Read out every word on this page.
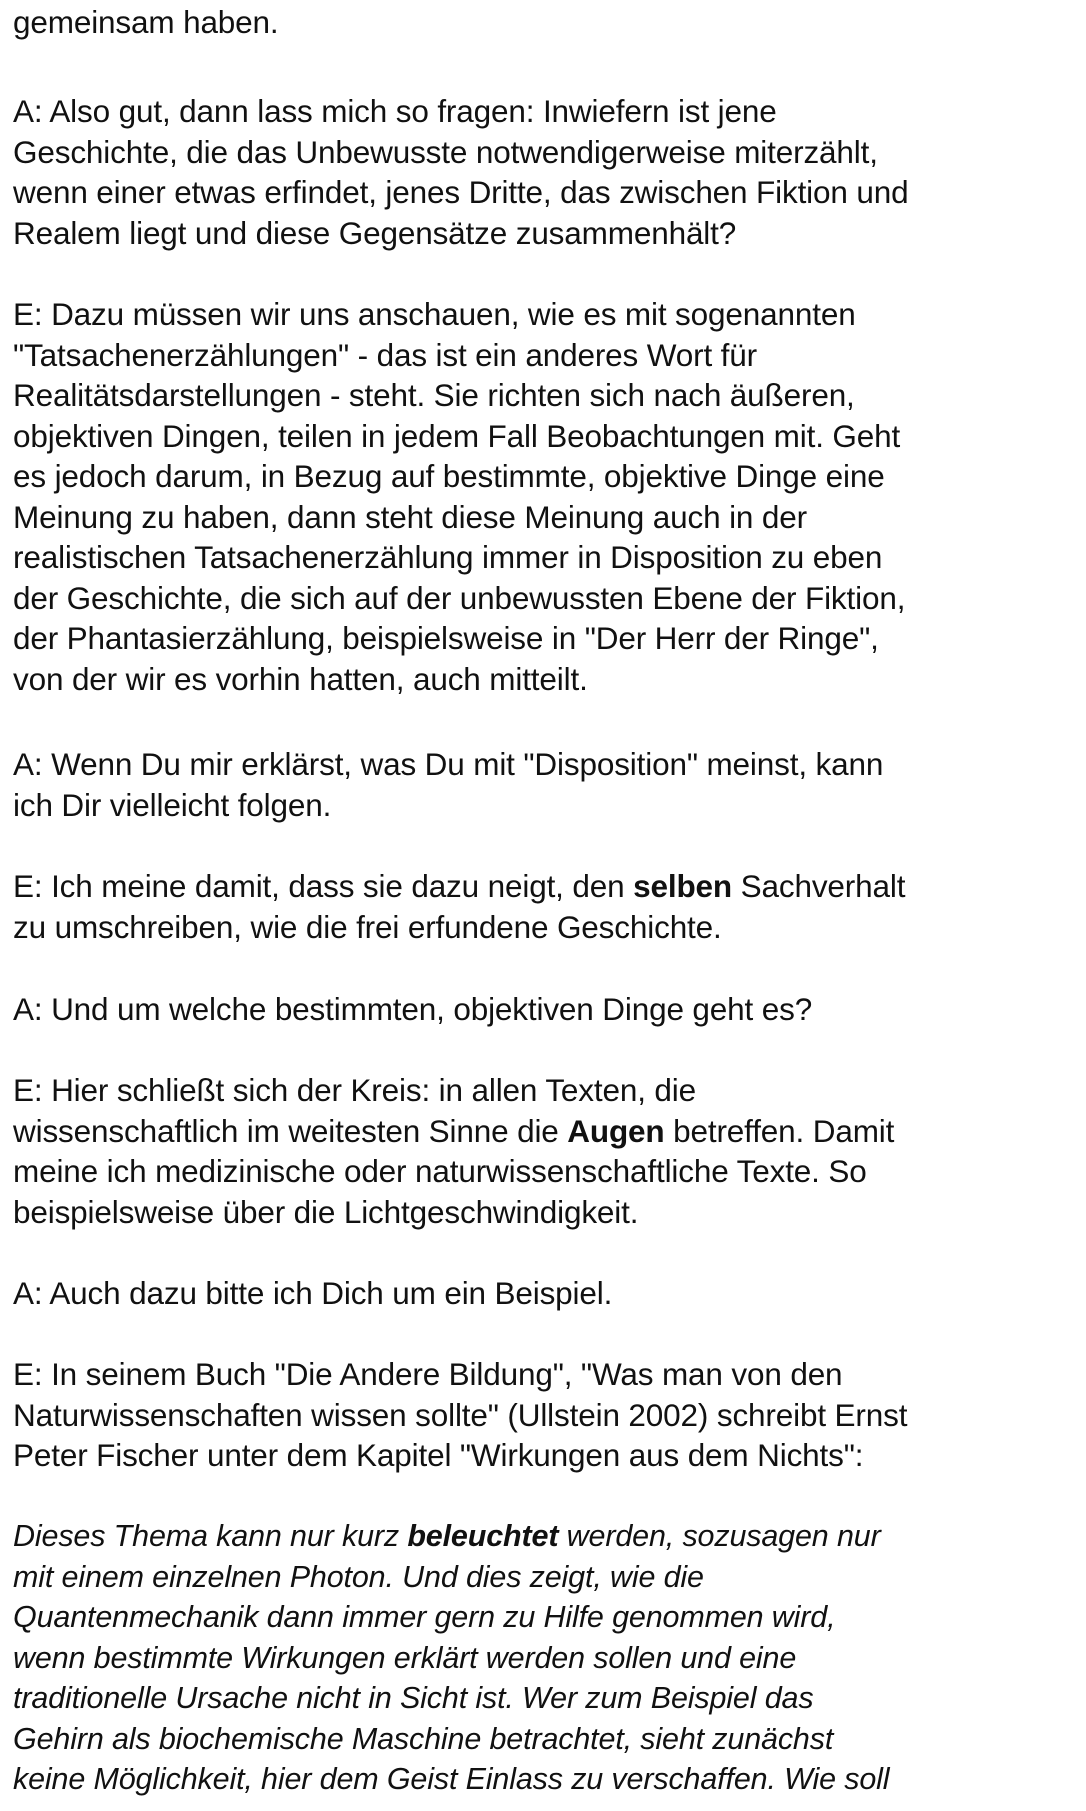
gemeinsam haben.
A: Also gut, dann lass mich so fragen: Inwiefern ist jene
Geschichte, die das Unbewusste notwendigerweise miterzählt,
wenn einer etwas erfindet, jenes Dritte, das zwischen Fiktion und
Realem liegt und diese Gegensätze zusammenhält?
E: Dazu müssen wir uns anschauen, wie es mit sogenannten
"Tatsachenerzählungen" - das ist ein anderes Wort für
Realitätsdarstellungen - steht. Sie richten sich nach äußeren,
objektiven Dingen, teilen in jedem Fall Beobachtungen mit. Geht
es jedoch darum, in Bezug auf bestimmte, objektive Dinge eine
Meinung zu haben, dann steht diese Meinung auch in der
realistischen Tatsachenerzählung immer in Disposition zu eben
der Geschichte, die sich auf der unbewussten Ebene der Fiktion,
der Phantasierzählung, beispielsweise in "Der Herr der Ringe",
von der wir es vorhin hatten, auch mitteilt.
A: Wenn Du mir erklärst, was Du mit "Disposition" meinst, kann
ich Dir vielleicht folgen.
E: Ich meine damit, dass sie dazu neigt, den selben Sachverhalt
zu umschreiben, wie die frei erfundene Geschichte.
A: Und um welche bestimmten, objektiven Dinge geht es?
E: Hier schließt sich der Kreis: in allen Texten, die
wissenschaftlich im weitesten Sinne die Augen betreffen. Damit
meine ich medizinische oder naturwissenschaftliche Texte. So
beispielsweise über die Lichtgeschwindigkeit.
A: Auch dazu bitte ich Dich um ein Beispiel.
E: In seinem Buch "Die Andere Bildung", "Was man von den
Naturwissenschaften wissen sollte" (Ullstein 2002) schreibt Ernst
Peter Fischer unter dem Kapitel "Wirkungen aus dem Nichts":
Dieses Thema kann nur kurz beleuchtet werden, sozusagen nur
mit einem einzelnen Photon. Und dies zeigt, wie die
Quantenmechanik dann immer gern zu Hilfe genommen wird,
wenn bestimmte Wirkungen erklärt werden sollen und eine
traditionelle Ursache nicht in Sicht ist. Wer zum Beispiel das
Gehirn als biochemische Maschine betrachtet, sieht zunächst
keine Möglichkeit, hier dem Geist Einlass zu verschaffen. Wie soll
